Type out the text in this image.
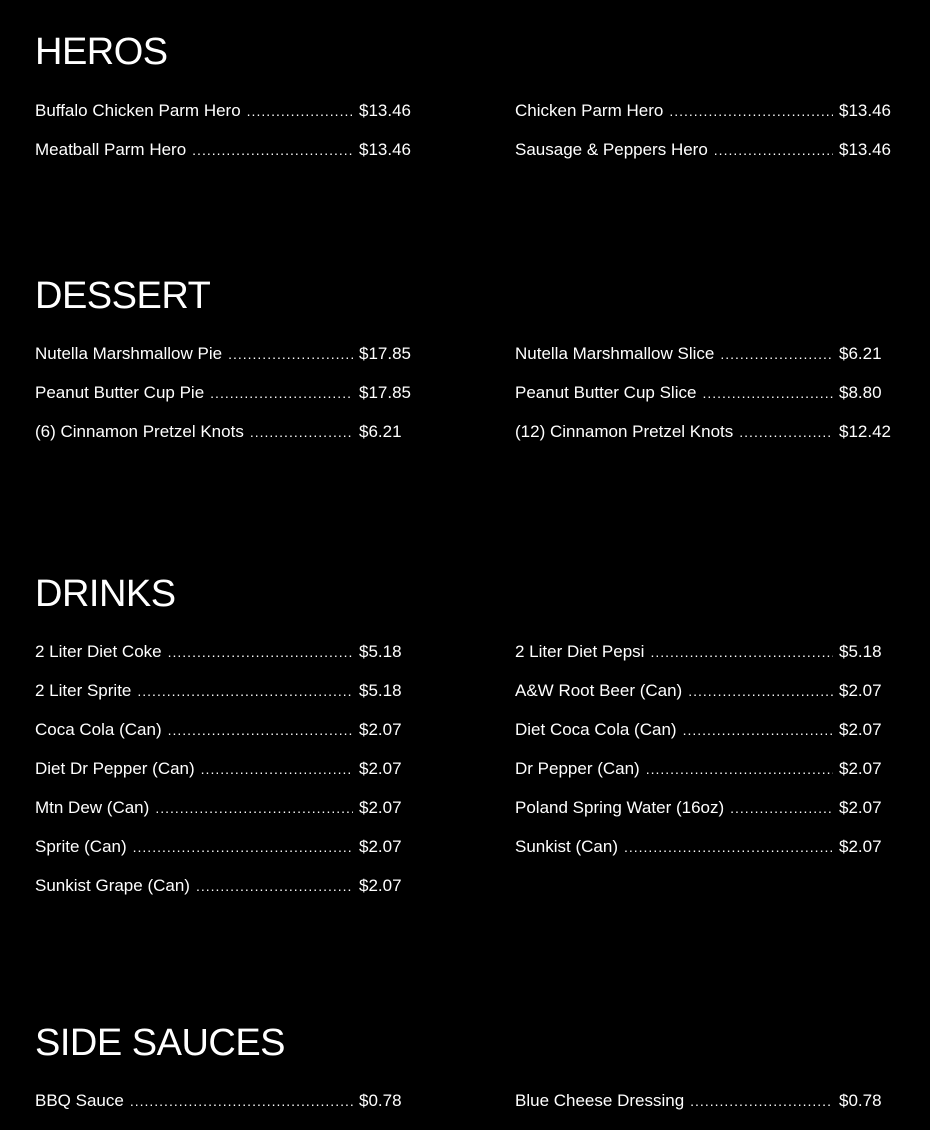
HEROS
Buffalo Chicken Parm Hero .....	$13.46	Chicken Parm Hero .....	$13.46
Meatball Parm Hero .....	$13.46	Sausage & Peppers Hero .....	$13.46
DESSERT
Nutella Marshmallow Pie .....	$17.85	Nutella Marshmallow Slice .....	$6.21
Peanut Butter Cup Pie .....	$17.85	Peanut Butter Cup Slice .....	$8.80
(6) Cinnamon Pretzel Knots .....	$6.21	(12) Cinnamon Pretzel Knots .....	$12.42
DRINKS
2 Liter Diet Coke .....	$5.18	2 Liter Diet Pepsi .....	$5.18
2 Liter Sprite .....	$5.18	A&W Root Beer (Can) .....	$2.07
Coca Cola (Can) .....	$2.07	Diet Coca Cola (Can) .....	$2.07
Diet Dr Pepper (Can) .....	$2.07	Dr Pepper (Can) .....	$2.07
Mtn Dew (Can) .....	$2.07	Poland Spring Water (16oz) .....	$2.07
Sprite (Can) .....	$2.07	Sunkist (Can) .....	$2.07
Sunkist Grape (Can) .....	$2.07
SIDE SAUCES
BBQ Sauce .....	$0.78	Blue Cheese Dressing .....	$0.78
